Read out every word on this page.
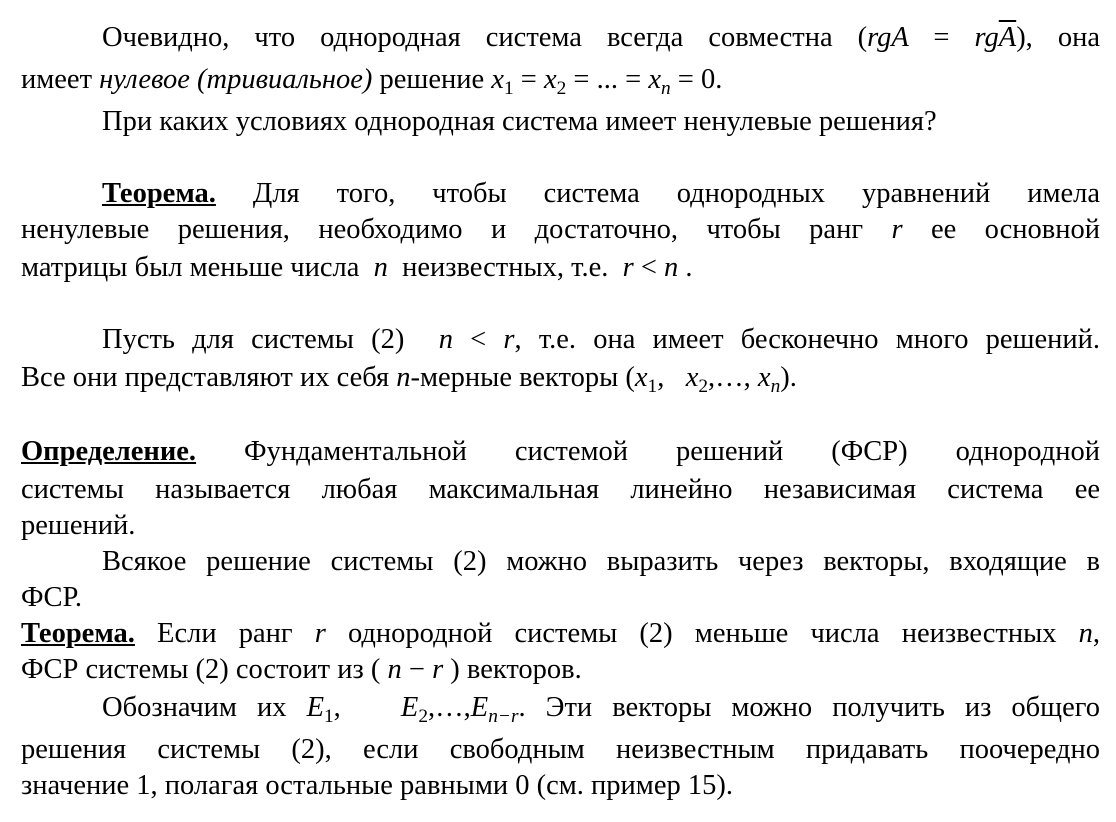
Очевидно, что однородная система всегда совместна $(rgA = rg\overline{A})$, она
имеет нулевое (тривиальное) решение $x_1 = x_2$ = ... = $x_n = 0$.
При каких условиях однородная система имеет ненулевые решения?
Теорема. Для того, чтобы система однородных уравнений имела
ненулевые решения, необходимо и достаточно, чтобы ранг r ее основной
матрицы был меньше числа n неизвестных, т.е. r < n .
Пусть для системы (2) n < r, т.е. она имеет бесконечно много решений.
Все они представляют их себя n-мерные векторы ($x_1$, $x_2,\dots$, $x_n$).
Определение. Фундаментальной системой решений (ФСР) однородной
системы называется любая максимальная линейно независимая система ее
решений.
Всякое решение системы (2) можно выразить через векторы, входящие в
ФСР.
Теорема. Если ранг r однородной системы (2) меньше числа неизвестных n,
ФСР системы (2) состоит из ( n − r ) векторов.
Обозначим их $E_1$, $E_2,\dots,E_{n-r}$. Эти векторы можно получить из общего
решения системы (2), если свободным неизвестным придавать поочередно
значение 1, полагая остальные равными 0 (см. пример 15).
